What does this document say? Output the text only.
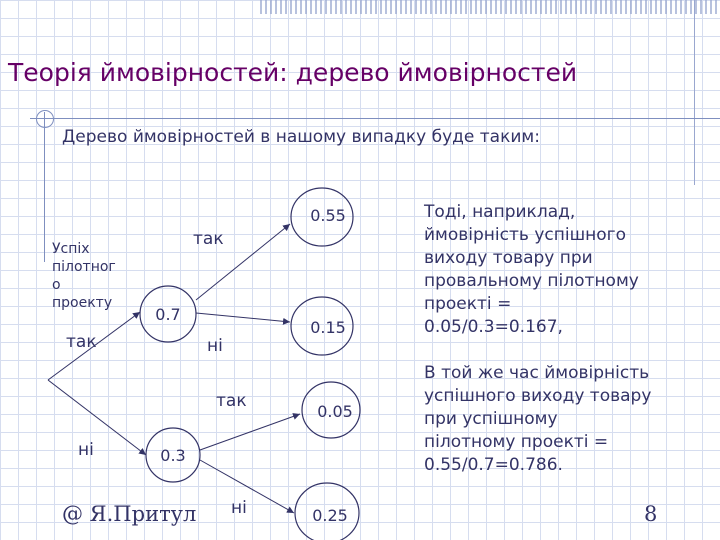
Теорія ймовірностей: дерево ймовірностей
Дерево ймовірностей в нашому випадку буде таким:
Успіх
пілотног
о
проекту
так
ні
0.7
0.3
0.55
0.15
0.05
0.25
так
ні
так
ні

Тоді, наприклад,
ймовірність успішного
виходу товару при
провальному пілотному
проекті =
0.05/0.3=0.167,

В той же час ймовірність
успішного виходу товару
при успішному
пілотному проекті =
0.55/0.7=0.786.

@ Я.Притул	8
